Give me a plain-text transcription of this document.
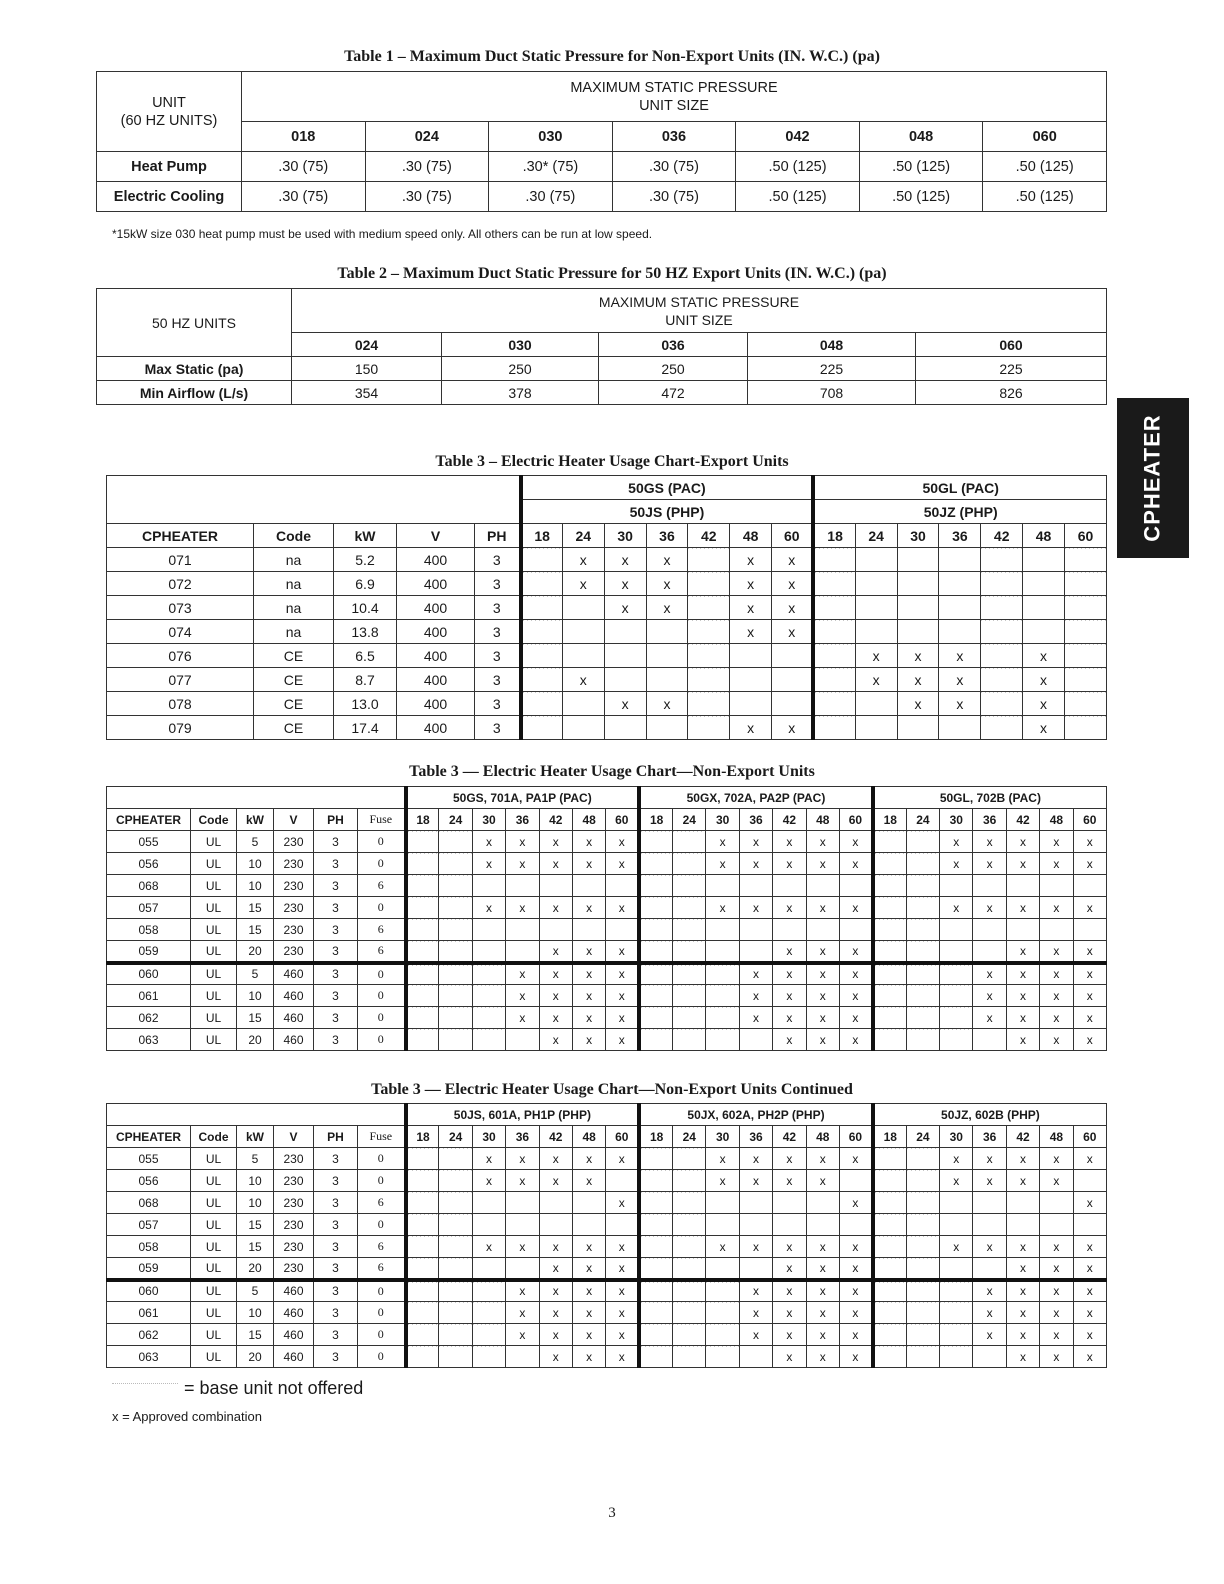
Table 1 – Maximum Duct Static Pressure for Non-Export Units (IN. W.C.) (pa)
UNIT
(60 HZ UNITS)	MAXIMUM STATIC PRESSURE
UNIT SIZE						
	018	024	030	036	042	048	060
Heat Pump	.30 (75)	.30 (75)	.30* (75)	.30 (75)	.50 (125)	.50 (125)	.50 (125)
Electric Cooling	.30 (75)	.30 (75)	.30 (75)	.30 (75)	.50 (125)	.50 (125)	.50 (125)
*15kW size 030 heat pump must be used with medium speed only. All others can be run at low speed.
Table 2 – Maximum Duct Static Pressure for 50 HZ Export Units (IN. W.C.) (pa)
50 HZ UNITS	MAXIMUM STATIC PRESSURE
UNIT SIZE				
	024	030	036	048	060
Max Static (pa)	150	250	250	225	225
Min Airflow (L/s)	354	378	472	708	826
Table 3 – Electric Heater Usage Chart-Export Units
					50GS (PAC)							50GL (PAC)						
					50JS (PHP)							50JZ (PHP)						
CPHEATER	Code	kW	V	PH	18	24	30	36	42	48	60	18	24	30	36	42	48	60
071	na	5.2	400	3		x	x	x		x	x							
072	na	6.9	400	3		x	x	x		x	x							
073	na	10.4	400	3			x	x		x	x							
074	na	13.8	400	3						x	x							
076	CE	6.5	400	3									x	x	x		x	
077	CE	8.7	400	3		x							x	x	x		x	
078	CE	13.0	400	3			x	x						x	x		x	
079	CE	17.4	400	3						x	x						x	
Table 3 — Electric Heater Usage Chart—Non-Export Units
						50GS, 701A, PA1P (PAC)							50GX, 702A, PA2P (PAC)							50GL, 702B (PAC)						
CPHEATER	Code	kW	V	PH	Fuse	18	24	30	36	42	48	60	18	24	30	36	42	48	60	18	24	30	36	42	48	60
055	UL	5	230	3	0			x	x	x	x	x			x	x	x	x	x			x	x	x	x	x
056	UL	10	230	3	0			x	x	x	x	x			x	x	x	x	x			x	x	x	x	x
068	UL	10	230	3	6																					
057	UL	15	230	3	0			x	x	x	x	x			x	x	x	x	x			x	x	x	x	x
058	UL	15	230	3	6																					
059	UL	20	230	3	6					x	x	x					x	x	x					x	x	x
060	UL	5	460	3	0				x	x	x	x				x	x	x	x				x	x	x	x
061	UL	10	460	3	0				x	x	x	x				x	x	x	x				x	x	x	x
062	UL	15	460	3	0				x	x	x	x				x	x	x	x				x	x	x	x
063	UL	20	460	3	0					x	x	x					x	x	x					x	x	x
Table 3 — Electric Heater Usage Chart—Non-Export Units Continued
						50JS, 601A, PH1P (PHP)							50JX, 602A, PH2P (PHP)							50JZ, 602B (PHP)						
CPHEATER	Code	kW	V	PH	Fuse	18	24	30	36	42	48	60	18	24	30	36	42	48	60	18	24	30	36	42	48	60
055	UL	5	230	3	0			x	x	x	x	x			x	x	x	x	x			x	x	x	x	x
056	UL	10	230	3	0			x	x	x	x				x	x	x	x				x	x	x	x	
068	UL	10	230	3	6							x							x							x
057	UL	15	230	3	0																					
058	UL	15	230	3	6			x	x	x	x	x			x	x	x	x	x			x	x	x	x	x
059	UL	20	230	3	6					x	x	x					x	x	x					x	x	x
060	UL	5	460	3	0				x	x	x	x				x	x	x	x				x	x	x	x
061	UL	10	460	3	0				x	x	x	x				x	x	x	x				x	x	x	x
062	UL	15	460	3	0				x	x	x	x				x	x	x	x				x	x	x	x
063	UL	20	460	3	0					x	x	x					x	x	x					x	x	x
= base unit not offered
x = Approved combination
CPHEATER
3
